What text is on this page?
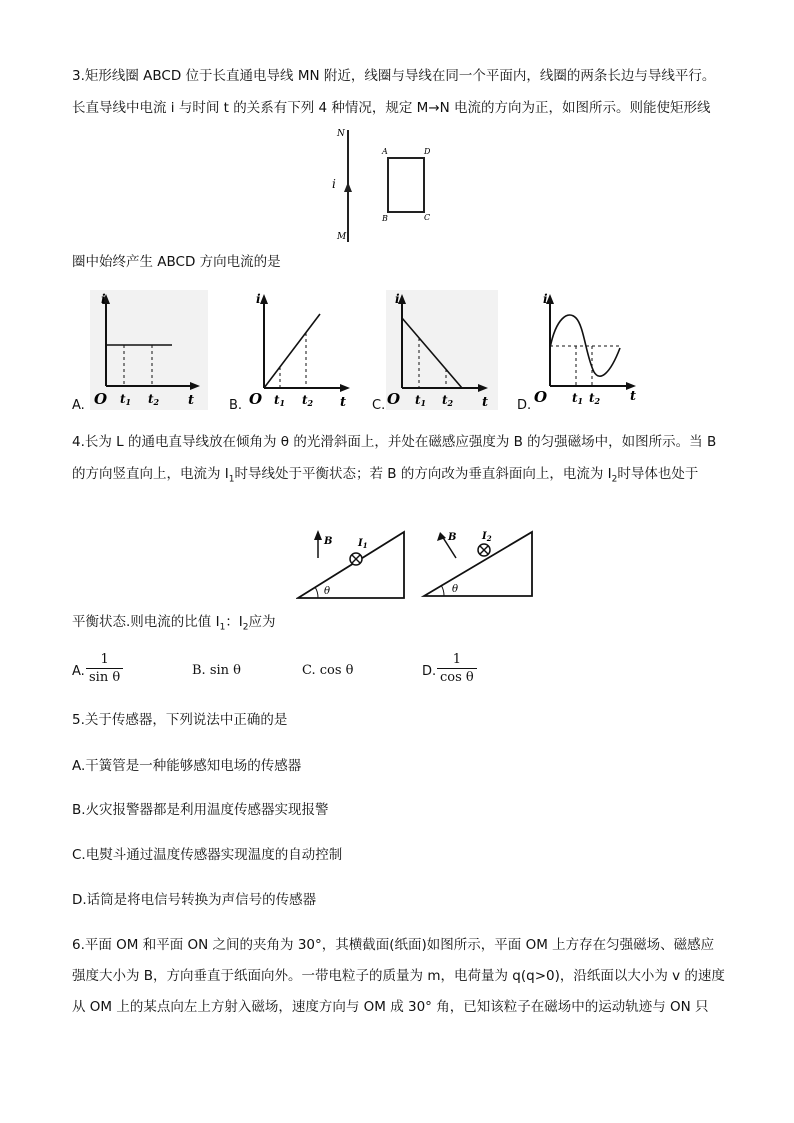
3.矩形线圈 ABCD 位于长直通电导线 MN 附近，线圈与导线在同一个平面内，线圈的两条长边与导线平行。
长直导线中电流 i 与时间 t 的关系有下列 4 种情况，规定 M→N 电流的方向为正，如图所示。则能使矩形线
N
M
i
A	D
B	C
圈中始终产生 ABCD 方向电流的是
A.
i
O	t
t1 t2	B.
i
O	t
t1 t2	C.
i
O	t
t1 t2	D.
i
O	t
t1 t2
4.长为 L 的通电直导线放在倾角为 θ 的光滑斜面上，并处在磁感应强度为 B 的匀强磁场中，如图所示。当 B
的方向竖直向上，电流为 $I_1$时导线处于平衡状态；若 B 的方向改为垂直斜面向上，电流为 $I_2$时导体也处于
B	$I_1$
θ
B	$I_2$
θ
平衡状态.则电流的比值 $I_1$：$I_2$应为
A. $\frac{1}{\text{sin θ}}$	B. sin θ	C. cos θ	D. $\frac{1}{\text{cos θ}}$
5.关于传感器，下列说法中正确的是
A.干簧管是一种能够感知电场的传感器
B.火灾报警器都是利用温度传感器实现报警
C.电熨斗通过温度传感器实现温度的自动控制
D.话筒是将电信号转换为声信号的传感器
6.平面 OM 和平面 ON 之间的夹角为 30°，其横截面(纸面)如图所示，平面 OM 上方存在匀强磁场、磁感应
强度大小为 B，方向垂直于纸面向外。一带电粒子的质量为 m，电荷量为 q(q>0)，沿纸面以大小为 v 的速度
从 OM 上的某点向左上方射入磁场，速度方向与 OM 成 30° 角，已知该粒子在磁场中的运动轨迹与 ON 只
